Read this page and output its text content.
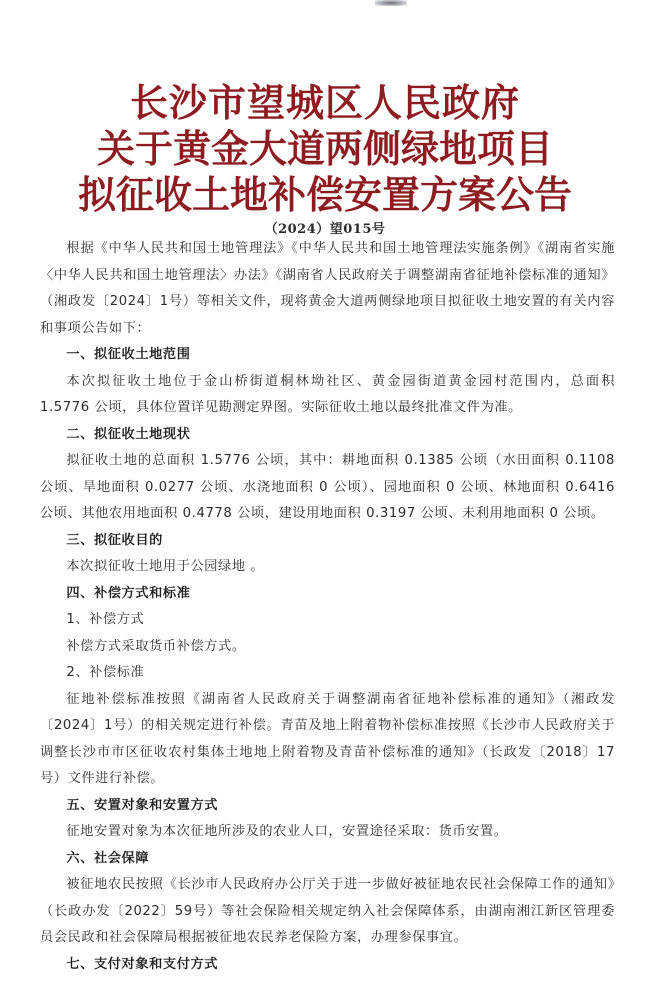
长沙市望城区人民政府
关于黄金大道两侧绿地项目
拟征收土地补偿安置方案公告
（2024）望015号

根据《中华人民共和国土地管理法》《中华人民共和国土地管理法实施条例》《湖南省实施〈中华人民共和国土地管理法〉办法》《湖南省人民政府关于调整湖南省征地补偿标准的通知》（湘政发〔2024〕1号）等相关文件，现将黄金大道两侧绿地项目拟征收土地安置的有关内容和事项公告如下：

一、拟征收土地范围

本次拟征收土地位于金山桥街道桐林坳社区、黄金园街道黄金园村范围内，总面积 1.5776 公顷，具体位置详见勘测定界图。实际征收土地以最终批准文件为准。

二、拟征收土地现状

拟征收土地的总面积 1.5776 公顷，其中：耕地面积 0.1385 公顷（水田面积 0.1108 公顷、旱地面积 0.0277 公顷、水浇地面积 0 公顷）、园地面积 0 公顷、林地面积 0.6416 公顷、其他农用地面积 0.4778 公顷，建设用地面积 0.3197 公顷、未利用地面积 0 公顷。

三、拟征收目的

本次拟征收土地用于公园绿地 。

四、补偿方式和标准

1、补偿方式

补偿方式采取货币补偿方式。

2、补偿标准

征地补偿标准按照《湖南省人民政府关于调整湖南省征地补偿标准的通知》（湘政发〔2024〕1号）的相关规定进行补偿。青苗及地上附着物补偿标准按照《长沙市人民政府关于调整长沙市市区征收农村集体土地地上附着物及青苗补偿标准的通知》（长政发〔2018〕17号）文件进行补偿。

五、安置对象和安置方式

征地安置对象为本次征地所涉及的农业人口，安置途径采取：货币安置。

六、社会保障

被征地农民按照《长沙市人民政府办公厅关于进一步做好被征地农民社会保障工作的通知》（长政办发〔2022〕59号）等社会保险相关规定纳入社会保障体系，由湖南湘江新区管理委员会民政和社会保障局根据被征地农民养老保险方案，办理参保事宜。

七、支付对象和支付方式
